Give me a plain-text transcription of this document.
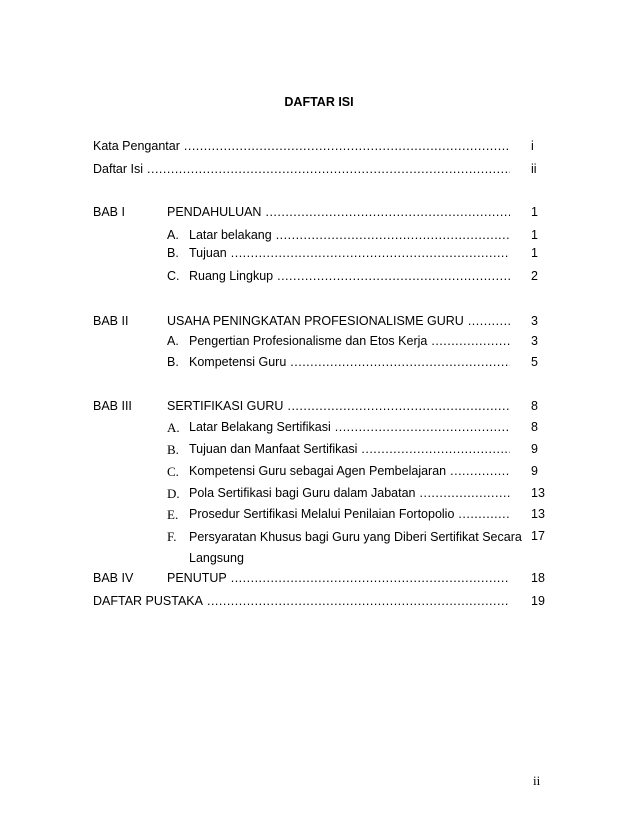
DAFTAR ISI
Kata Pengantar .....	i
Daftar Isi .....	ii
BAB I	PENDAHULUAN .....	1
A. Latar belakang .....	1
B. Tujuan .....	1
C. Ruang Lingkup .....	2
BAB II	USAHA PENINGKATAN PROFESIONALISME GURU .....	3
A. Pengertian Profesionalisme dan Etos Kerja .....	3
B. Kompetensi Guru .....	5
BAB III	SERTIFIKASI GURU .....	8
A. Latar Belakang Sertifikasi .....	8
B. Tujuan dan Manfaat Sertifikasi .....	9
C. Kompetensi Guru sebagai Agen Pembelajaran .....	9
D. Pola Sertifikasi bagi Guru dalam Jabatan .....	13
E. Prosedur Sertifikasi Melalui Penilaian Fortopolio .....	13
F. Persyaratan Khusus bagi Guru yang Diberi Sertifikat Secara 17
Langsung
BAB IV	PENUTUP .....	18
DAFTAR PUSTAKA .....	19
ii
